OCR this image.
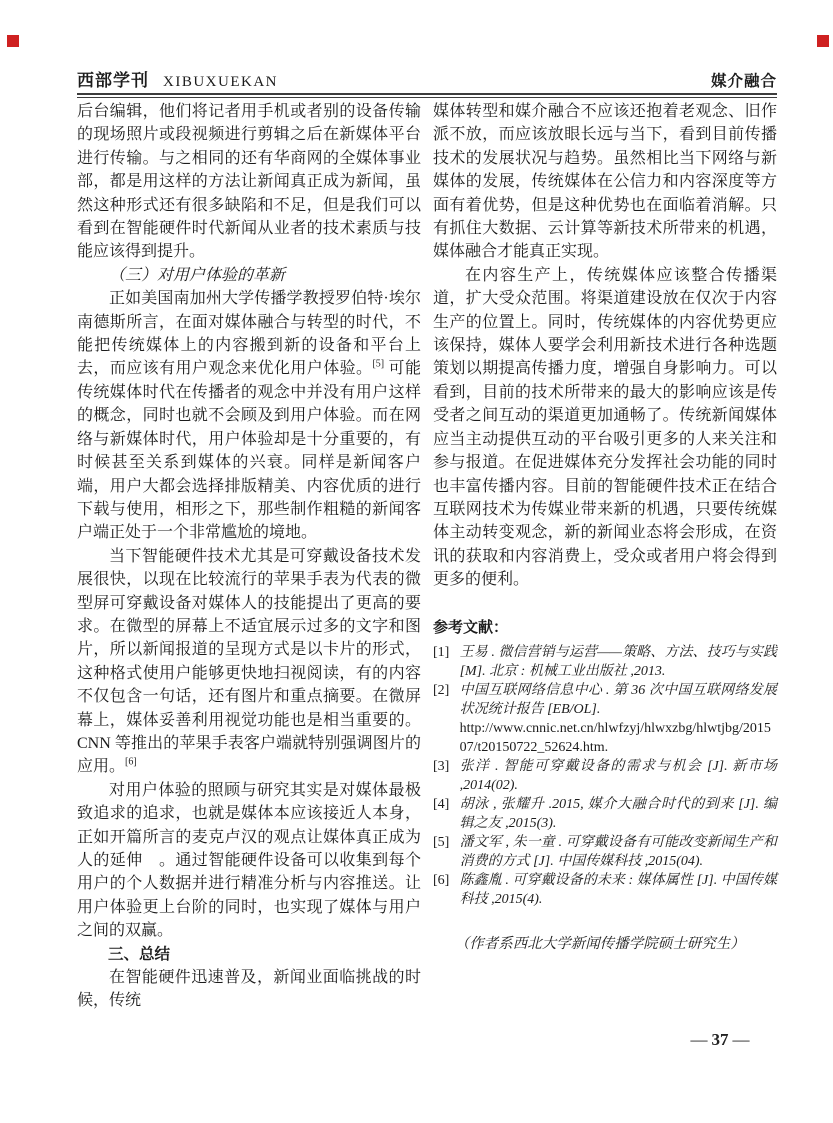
西部学刊 XIBUXUEKAN	媒介融合

后台编辑，他们将记者用手机或者别的设备传输的现场照片或段视频进行剪辑之后在新媒体平台进行传输。与之相同的还有华商网的全媒体事业部，都是用这样的方法让新闻真正成为新闻，虽然这种形式还有很多缺陷和不足，但是我们可以看到在智能硬件时代新闻从业者的技术素质与技能应该得到提升。

（三）对用户体验的革新

正如美国南加州大学传播学教授罗伯特·埃尔南德斯所言，在面对媒体融合与转型的时代，不能把传统媒体上的内容搬到新的设备和平台上去，而应该有用户观念来优化用户体验。[5] 可能传统媒体时代在传播者的观念中并没有用户这样的概念，同时也就不会顾及到用户体验。而在网络与新媒体时代，用户体验却是十分重要的，有时候甚至关系到媒体的兴衰。同样是新闻客户端，用户大都会选择排版精美、内容优质的进行下载与使用，相形之下，那些制作粗糙的新闻客户端正处于一个非常尴尬的境地。

当下智能硬件技术尤其是可穿戴设备技术发展很快，以现在比较流行的苹果手表为代表的微型屏可穿戴设备对媒体人的技能提出了更高的要求。在微型的屏幕上不适宜展示过多的文字和图片，所以新闻报道的呈现方式是以卡片的形式，这种格式使用户能够更快地扫视阅读，有的内容不仅包含一句话，还有图片和重点摘要。在微屏幕上，媒体妥善利用视觉功能也是相当重要的。CNN 等推出的苹果手表客户端就特别强调图片的应用。[6]

对用户体验的照顾与研究其实是对媒体最极致追求的追求，也就是媒体本应该接近人本身，正如开篇所言的麦克卢汉的观点让媒体真正成为　人的延伸　。通过智能硬件设备可以收集到每个用户的个人数据并进行精准分析与内容推送。让用户体验更上台阶的同时，也实现了媒体与用户之间的双赢。

三、总结

在智能硬件迅速普及，新闻业面临挑战的时候，传统

媒体转型和媒介融合不应该还抱着老观念、旧作派不放，而应该放眼长远与当下，看到目前传播技术的发展状况与趋势。虽然相比当下网络与新媒体的发展，传统媒体在公信力和内容深度等方面有着优势，但是这种优势也在面临着消解。只有抓住大数据、云计算等新技术所带来的机遇，媒体融合才能真正实现。

在内容生产上，传统媒体应该整合传播渠道，扩大受众范围。将渠道建设放在仅次于内容生产的位置上。同时，传统媒体的内容优势更应该保持，媒体人要学会利用新技术进行各种选题策划以期提高传播力度，增强自身影响力。可以看到，目前的技术所带来的最大的影响应该是传受者之间互动的渠道更加通畅了。传统新闻媒体应当主动提供互动的平台吸引更多的人来关注和参与报道。在促进媒体充分发挥社会功能的同时也丰富传播内容。目前的智能硬件技术正在结合互联网技术为传媒业带来新的机遇，只要传统媒体主动转变观念，新的新闻业态将会形成，在资讯的获取和内容消费上，受众或者用户将会得到更多的便利。

参考文献：

[1] 王易 . 微信营销与运营——策略、方法、技巧与实践 [M]. 北京 : 机械工业出版社 ,2013.
[2] 中国互联网络信息中心 . 第 36 次中国互联网络发展状况统计报告 [EB/OL].
http://www.cnnic.net.cn/hlwfzyj/hlwxzbg/hlwtjbg/201507/t20150722_52624.htm.
[3] 张洋 . 智能可穿戴设备的需求与机会 [J]. 新市场 ,2014(02).
[4] 胡泳 , 张耀升 .2015, 媒介大融合时代的到来 [J]. 编辑之友 ,2015(3).
[5] 潘文军 , 朱一童 . 可穿戴设备有可能改变新闻生产和消费的方式 [J]. 中国传媒科技 ,2015(04).
[6] 陈鑫胤 . 可穿戴设备的未来 : 媒体属性 [J]. 中国传媒科技 ,2015(4).

（作者系西北大学新闻传播学院硕士研究生）

— 37 —
